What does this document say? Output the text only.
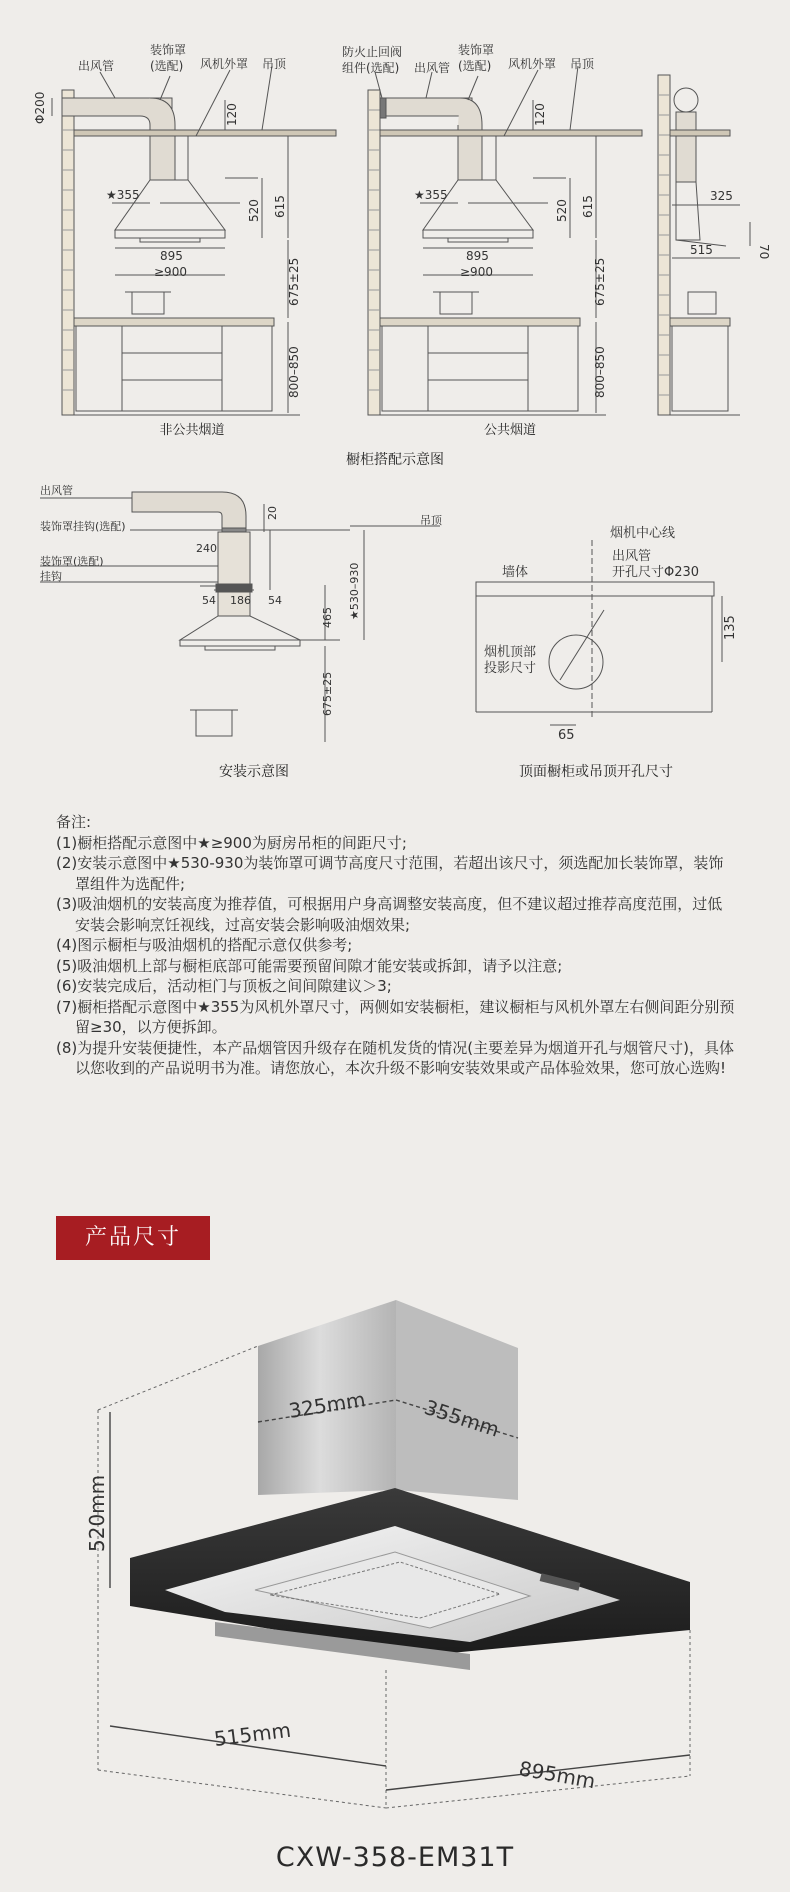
出风管
装饰罩
(选配) 风机外罩 吊顶
Φ200	120
★355
520 615
895
≥900	675±25
800–850
防火止回阀
组件(选配) 出风管
装饰罩
(选配) 风机外罩 吊顶
120
★355
520 615
895
≥900	675±25
800–850
325
515	70
非公共烟道	公共烟道
橱柜搭配示意图
出风管
装饰罩挂钩(选配)	吊顶
装饰罩(选配)
挂钩
20
240
54 186 54
465 ★530–930
675±25
烟机中心线
出风管
开孔尺寸Φ230
墙体
烟机顶部
投影尺寸
135
65
安装示意图	顶面橱柜或吊顶开孔尺寸

备注:

(1)橱柜搭配示意图中★≥900为厨房吊柜的间距尺寸;

(2)安装示意图中★530-930为装饰罩可调节高度尺寸范围，若超出该尺寸，须选配加长装饰罩，装饰罩组件为选配件;

(3)吸油烟机的安装高度为推荐值，可根据用户身高调整安装高度，但不建议超过推荐高度范围，过低安装会影响烹饪视线，过高安装会影响吸油烟效果;

(4)图示橱柜与吸油烟机的搭配示意仅供参考;

(5)吸油烟机上部与橱柜底部可能需要预留间隙才能安装或拆卸，请予以注意;

(6)安装完成后，活动柜门与顶板之间间隙建议＞3;

(7)橱柜搭配示意图中★355为风机外罩尺寸，两侧如安装橱柜，建议橱柜与风机外罩左右侧间距分别预留≥30，以方便拆卸。

(8)为提升安装便捷性，本产品烟管因升级存在随机发货的情况(主要差异为烟道开孔与烟管尺寸)，具体以您收到的产品说明书为准。请您放心，本次升级不影响安装效果或产品体验效果，您可放心选购!

产品尺寸
325mm	355mm
520mm
515mm
895mm
CXW-358-EM31T
